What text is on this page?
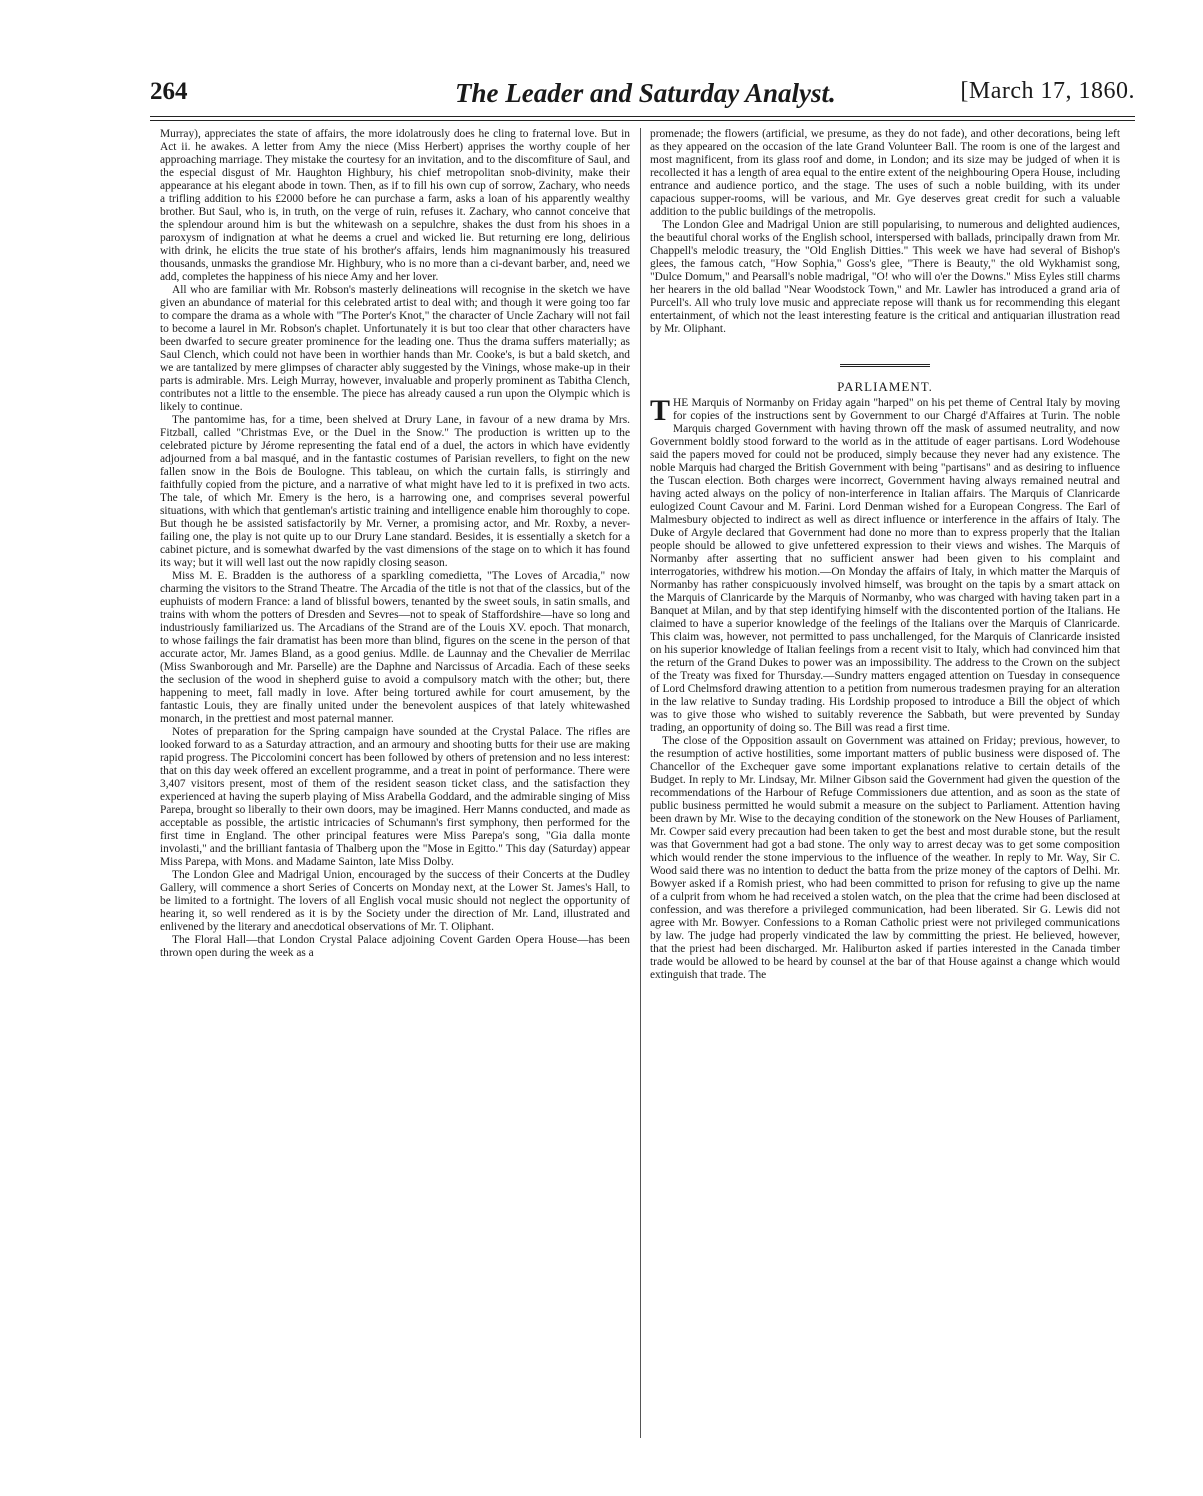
264	The Leader and Saturday Analyst.	[March 17, 1860.

Murray), appreciates the state of affairs, the more idolatrously does he cling to fraternal love. But in Act ii. he awakes. A letter from Amy the niece (Miss Herbert) apprises the worthy couple of her approaching marriage. They mistake the courtesy for an invitation, and to the discomfiture of Saul, and the especial disgust of Mr. Haughton Highbury, his chief metropolitan snob-divinity, make their appearance at his elegant abode in town. Then, as if to fill his own cup of sorrow, Zachary, who needs a trifling addition to his £2000 before he can purchase a farm, asks a loan of his apparently wealthy brother. But Saul, who is, in truth, on the verge of ruin, refuses it. Zachary, who cannot conceive that the splendour around him is but the whitewash on a sepulchre, shakes the dust from his shoes in a paroxysm of indignation at what he deems a cruel and wicked lie. But returning ere long, delirious with drink, he elicits the true state of his brother's affairs, lends him magnanimously his treasured thousands, unmasks the grandiose Mr. Highbury, who is no more than a ci-devant barber, and, need we add, completes the happiness of his niece Amy and her lover.

All who are familiar with Mr. Robson's masterly delineations will recognise in the sketch we have given an abundance of material for this celebrated artist to deal with; and though it were going too far to compare the drama as a whole with "The Porter's Knot," the character of Uncle Zachary will not fail to become a laurel in Mr. Robson's chaplet. Unfortunately it is but too clear that other characters have been dwarfed to secure greater prominence for the leading one. Thus the drama suffers materially; as Saul Clench, which could not have been in worthier hands than Mr. Cooke's, is but a bald sketch, and we are tantalized by mere glimpses of character ably suggested by the Vinings, whose make-up in their parts is admirable. Mrs. Leigh Murray, however, invaluable and properly prominent as Tabitha Clench, contributes not a little to the ensemble. The piece has already caused a run upon the Olympic which is likely to continue.

The pantomime has, for a time, been shelved at Drury Lane, in favour of a new drama by Mrs. Fitzball, called "Christmas Eve, or the Duel in the Snow." The production is written up to the celebrated picture by Jérome representing the fatal end of a duel, the actors in which have evidently adjourned from a bal masqué, and in the fantastic costumes of Parisian revellers, to fight on the new fallen snow in the Bois de Boulogne. This tableau, on which the curtain falls, is stirringly and faithfully copied from the picture, and a narrative of what might have led to it is prefixed in two acts. The tale, of which Mr. Emery is the hero, is a harrowing one, and comprises several powerful situations, with which that gentleman's artistic training and intelligence enable him thoroughly to cope. But though he be assisted satisfactorily by Mr. Verner, a promising actor, and Mr. Roxby, a never-failing one, the play is not quite up to our Drury Lane standard. Besides, it is essentially a sketch for a cabinet picture, and is somewhat dwarfed by the vast dimensions of the stage on to which it has found its way; but it will well last out the now rapidly closing season.

Miss M. E. Bradden is the authoress of a sparkling comedietta, "The Loves of Arcadia," now charming the visitors to the Strand Theatre. The Arcadia of the title is not that of the classics, but of the euphuists of modern France: a land of blissful bowers, tenanted by the sweet souls, in satin smalls, and trains with whom the potters of Dresden and Sevres—not to speak of Staffordshire—have so long and industriously familiarized us. The Arcadians of the Strand are of the Louis XV. epoch. That monarch, to whose failings the fair dramatist has been more than blind, figures on the scene in the person of that accurate actor, Mr. James Bland, as a good genius. Mdlle. de Launnay and the Chevalier de Merrilac (Miss Swanborough and Mr. Parselle) are the Daphne and Narcissus of Arcadia. Each of these seeks the seclusion of the wood in shepherd guise to avoid a compulsory match with the other; but, there happening to meet, fall madly in love. After being tortured awhile for court amusement, by the fantastic Louis, they are finally united under the benevolent auspices of that lately whitewashed monarch, in the prettiest and most paternal manner.

Notes of preparation for the Spring campaign have sounded at the Crystal Palace. The rifles are looked forward to as a Saturday attraction, and an armoury and shooting butts for their use are making rapid progress. The Piccolomini concert has been followed by others of pretension and no less interest: that on this day week offered an excellent programme, and a treat in point of performance. There were 3,407 visitors present, most of them of the resident season ticket class, and the satisfaction they experienced at having the superb playing of Miss Arabella Goddard, and the admirable singing of Miss Parepa, brought so liberally to their own doors, may be imagined. Herr Manns conducted, and made as acceptable as possible, the artistic intricacies of Schumann's first symphony, then performed for the first time in England. The other principal features were Miss Parepa's song, "Gia dalla monte involasti," and the brilliant fantasia of Thalberg upon the "Mose in Egitto." This day (Saturday) appear Miss Parepa, with Mons. and Madame Sainton, late Miss Dolby.

The London Glee and Madrigal Union, encouraged by the success of their Concerts at the Dudley Gallery, will commence a short Series of Concerts on Monday next, at the Lower St. James's Hall, to be limited to a fortnight. The lovers of all English vocal music should not neglect the opportunity of hearing it, so well rendered as it is by the Society under the direction of Mr. Land, illustrated and enlivened by the literary and anecdotical observations of Mr. T. Oliphant.

The Floral Hall—that London Crystal Palace adjoining Covent Garden Opera House—has been thrown open during the week as a

promenade; the flowers (artificial, we presume, as they do not fade), and other decorations, being left as they appeared on the occasion of the late Grand Volunteer Ball. The room is one of the largest and most magnificent, from its glass roof and dome, in London; and its size may be judged of when it is recollected it has a length of area equal to the entire extent of the neighbouring Opera House, including entrance and audience portico, and the stage. The uses of such a noble building, with its under capacious supper-rooms, will be various, and Mr. Gye deserves great credit for such a valuable addition to the public buildings of the metropolis.

The London Glee and Madrigal Union are still popularising, to numerous and delighted audiences, the beautiful choral works of the English school, interspersed with ballads, principally drawn from Mr. Chappell's melodic treasury, the "Old English Ditties." This week we have had several of Bishop's glees, the famous catch, "How Sophia," Goss's glee, "There is Beauty," the old Wykhamist song, "Dulce Domum," and Pearsall's noble madrigal, "O! who will o'er the Downs." Miss Eyles still charms her hearers in the old ballad "Near Woodstock Town," and Mr. Lawler has introduced a grand aria of Purcell's. All who truly love music and appreciate repose will thank us for recommending this elegant entertainment, of which not the least interesting feature is the critical and antiquarian illustration read by Mr. Oliphant.

PARLIAMENT.

THE Marquis of Normanby on Friday again "harped" on his pet theme of Central Italy by moving for copies of the instructions sent by Government to our Chargé d'Affaires at Turin. The noble Marquis charged Government with having thrown off the mask of assumed neutrality, and now Government boldly stood forward to the world as in the attitude of eager partisans. Lord Wodehouse said the papers moved for could not be produced, simply because they never had any existence. The noble Marquis had charged the British Government with being "partisans" and as desiring to influence the Tuscan election. Both charges were incorrect, Government having always remained neutral and having acted always on the policy of non-interference in Italian affairs. The Marquis of Clanricarde eulogized Count Cavour and M. Farini. Lord Denman wished for a European Congress. The Earl of Malmesbury objected to indirect as well as direct influence or interference in the affairs of Italy. The Duke of Argyle declared that Government had done no more than to express properly that the Italian people should be allowed to give unfettered expression to their views and wishes. The Marquis of Normanby after asserting that no sufficient answer had been given to his complaint and interrogatories, withdrew his motion.—On Monday the affairs of Italy, in which matter the Marquis of Normanby has rather conspicuously involved himself, was brought on the tapis by a smart attack on the Marquis of Clanricarde by the Marquis of Normanby, who was charged with having taken part in a Banquet at Milan, and by that step identifying himself with the discontented portion of the Italians. He claimed to have a superior knowledge of the feelings of the Italians over the Marquis of Clanricarde. This claim was, however, not permitted to pass unchallenged, for the Marquis of Clanricarde insisted on his superior knowledge of Italian feelings from a recent visit to Italy, which had convinced him that the return of the Grand Dukes to power was an impossibility. The address to the Crown on the subject of the Treaty was fixed for Thursday.—Sundry matters engaged attention on Tuesday in consequence of Lord Chelmsford drawing attention to a petition from numerous tradesmen praying for an alteration in the law relative to Sunday trading. His Lordship proposed to introduce a Bill the object of which was to give those who wished to suitably reverence the Sabbath, but were prevented by Sunday trading, an opportunity of doing so. The Bill was read a first time.

The close of the Opposition assault on Government was attained on Friday; previous, however, to the resumption of active hostilities, some important matters of public business were disposed of. The Chancellor of the Exchequer gave some important explanations relative to certain details of the Budget. In reply to Mr. Lindsay, Mr. Milner Gibson said the Government had given the question of the recommendations of the Harbour of Refuge Commissioners due attention, and as soon as the state of public business permitted he would submit a measure on the subject to Parliament. Attention having been drawn by Mr. Wise to the decaying condition of the stonework on the New Houses of Parliament, Mr. Cowper said every precaution had been taken to get the best and most durable stone, but the result was that Government had got a bad stone. The only way to arrest decay was to get some composition which would render the stone impervious to the influence of the weather. In reply to Mr. Way, Sir C. Wood said there was no intention to deduct the batta from the prize money of the captors of Delhi. Mr. Bowyer asked if a Romish priest, who had been committed to prison for refusing to give up the name of a culprit from whom he had received a stolen watch, on the plea that the crime had been disclosed at confession, and was therefore a privileged communication, had been liberated. Sir G. Lewis did not agree with Mr. Bowyer. Confessions to a Roman Catholic priest were not privileged communications by law. The judge had properly vindicated the law by committing the priest. He believed, however, that the priest had been discharged. Mr. Haliburton asked if parties interested in the Canada timber trade would be allowed to be heard by counsel at the bar of that House against a change which would extinguish that trade. The
